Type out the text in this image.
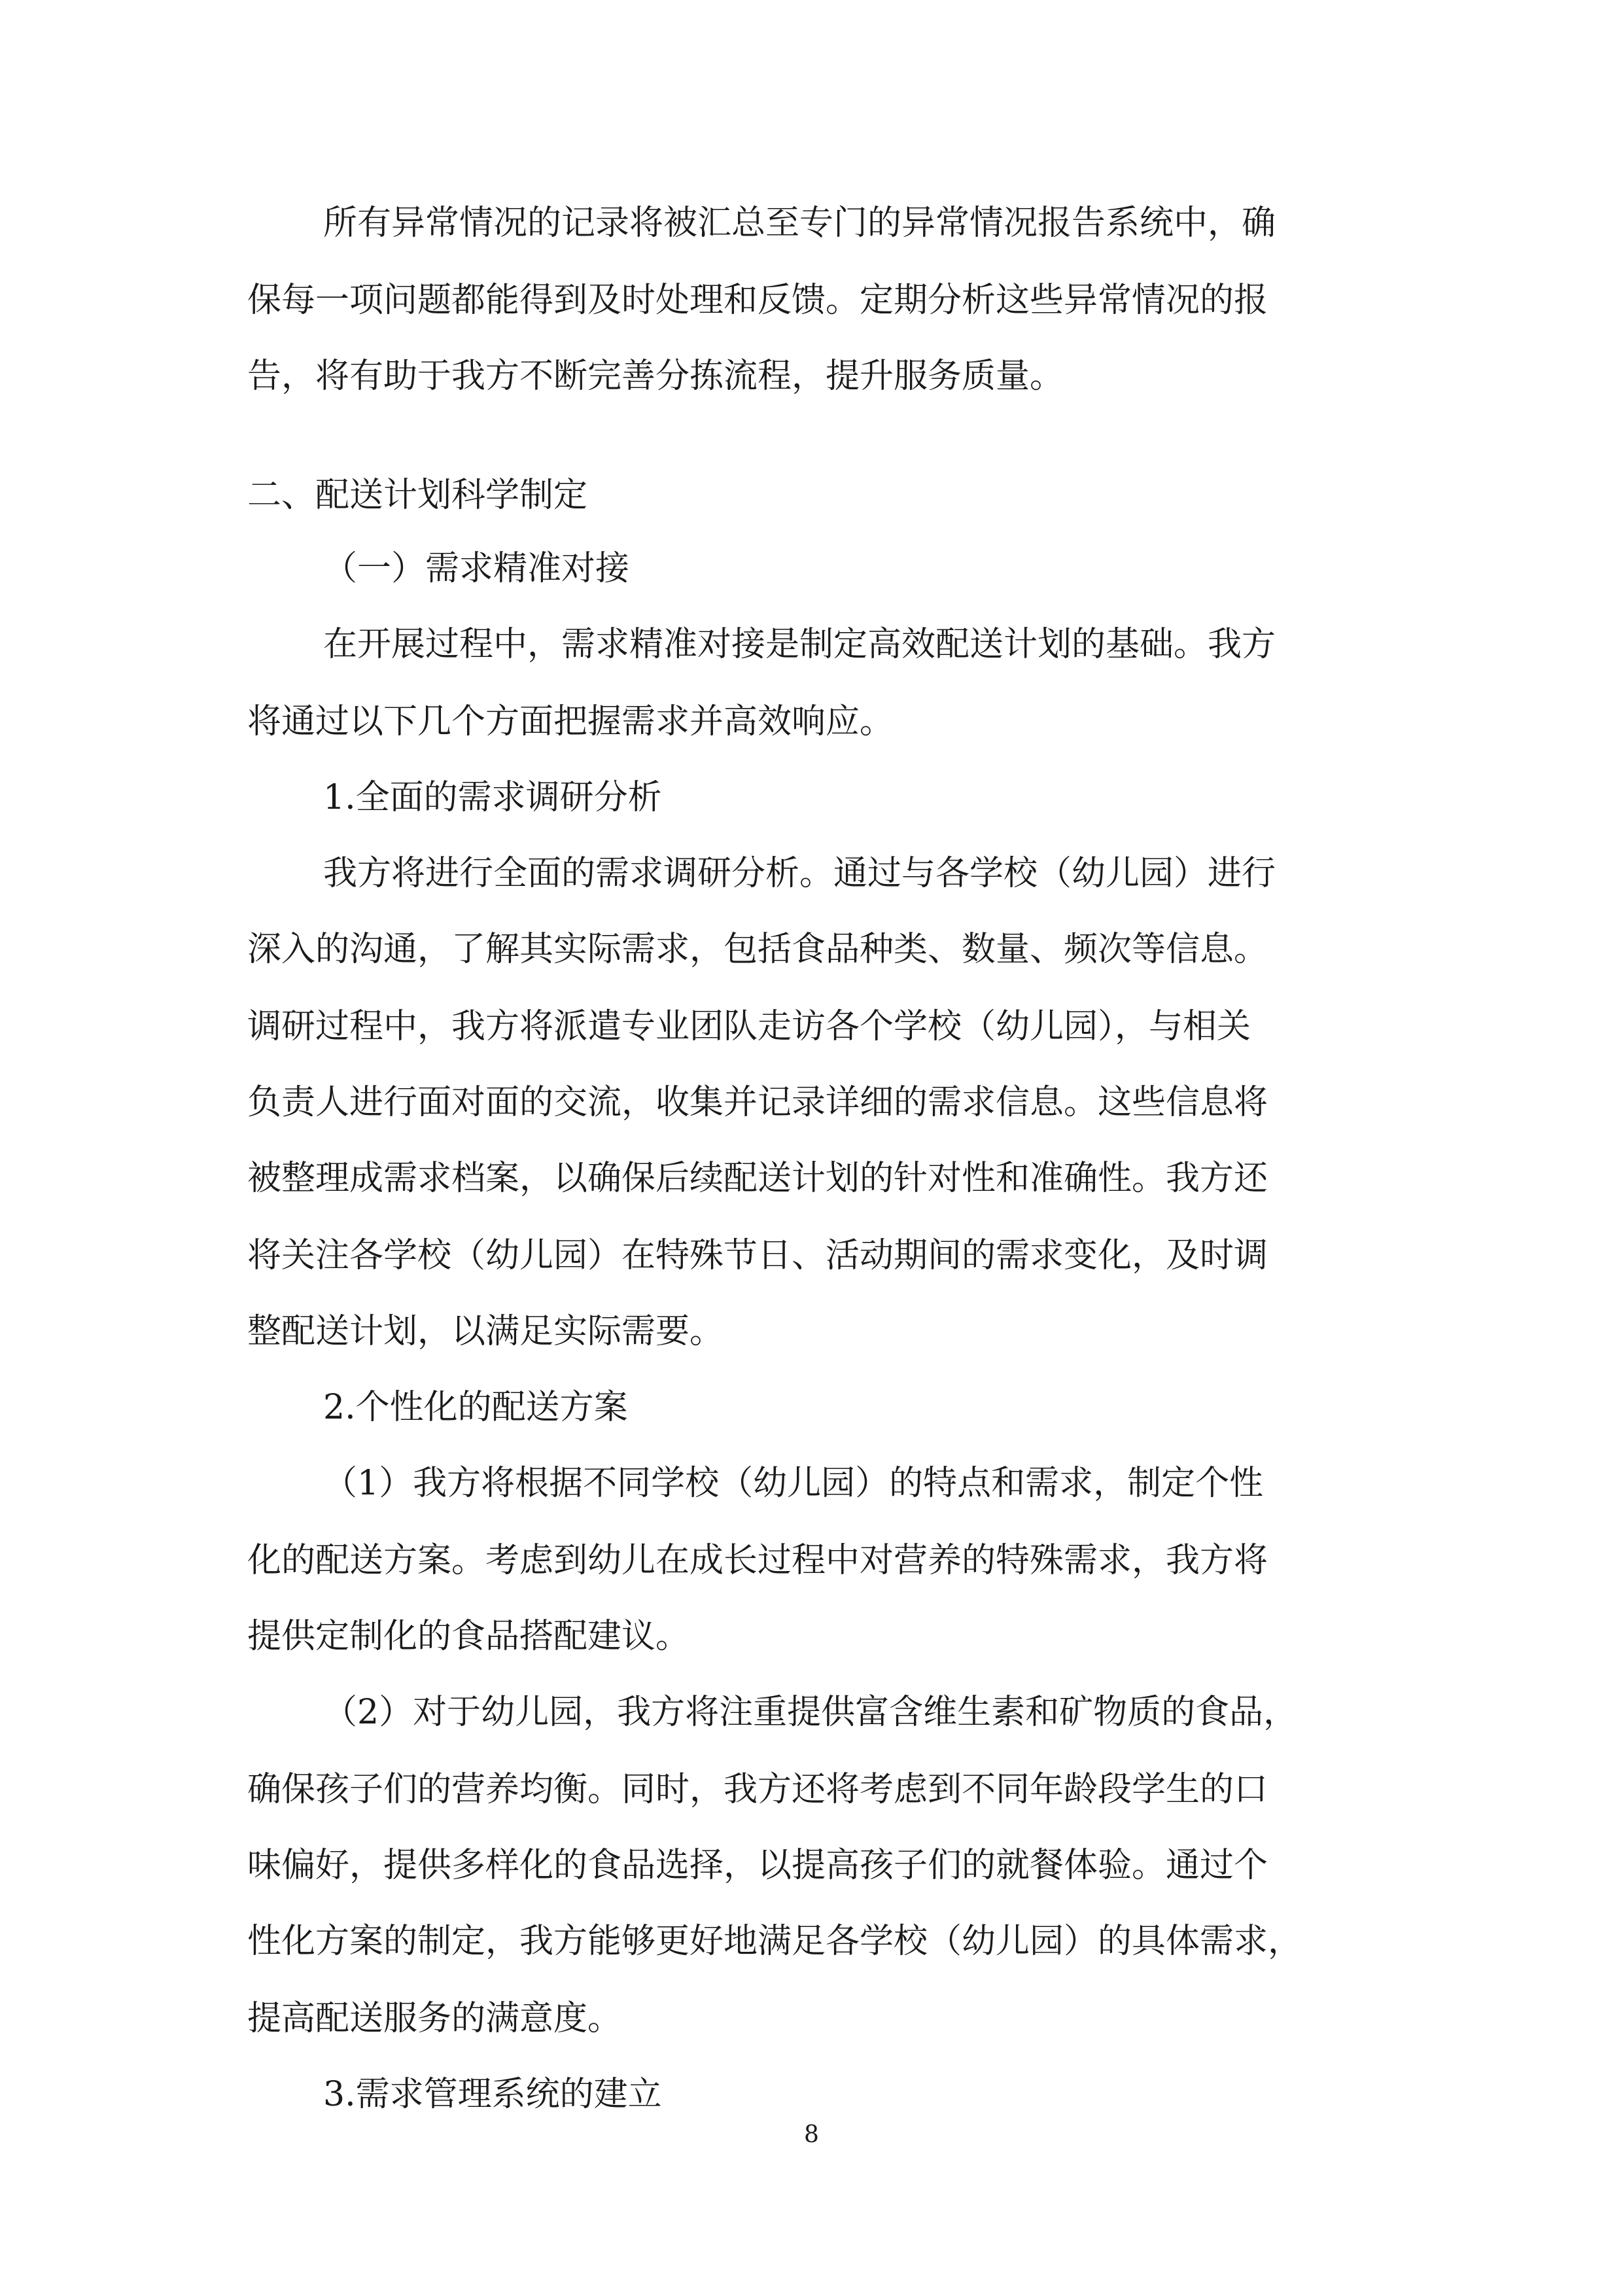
所有异常情况的记录将被汇总至专门的异常情况报告系统中，确

保每一项问题都能得到及时处理和反馈。定期分析这些异常情况的报

告，将有助于我方不断完善分拣流程，提升服务质量。

二、配送计划科学制定

（一）需求精准对接

在开展过程中，需求精准对接是制定高效配送计划的基础。我方

将通过以下几个方面把握需求并高效响应。

1.全面的需求调研分析

我方将进行全面的需求调研分析。通过与各学校（幼儿园）进行

深入的沟通，了解其实际需求，包括食品种类、数量、频次等信息。

调研过程中，我方将派遣专业团队走访各个学校（幼儿园），与相关

负责人进行面对面的交流，收集并记录详细的需求信息。这些信息将

被整理成需求档案，以确保后续配送计划的针对性和准确性。我方还

将关注各学校（幼儿园）在特殊节日、活动期间的需求变化，及时调

整配送计划，以满足实际需要。

2.个性化的配送方案

（1）我方将根据不同学校（幼儿园）的特点和需求，制定个性

化的配送方案。考虑到幼儿在成长过程中对营养的特殊需求，我方将

提供定制化的食品搭配建议。

（2）对于幼儿园，我方将注重提供富含维生素和矿物质的食品，

确保孩子们的营养均衡。同时，我方还将考虑到不同年龄段学生的口

味偏好，提供多样化的食品选择，以提高孩子们的就餐体验。通过个

性化方案的制定，我方能够更好地满足各学校（幼儿园）的具体需求，

提高配送服务的满意度。

3.需求管理系统的建立

8
